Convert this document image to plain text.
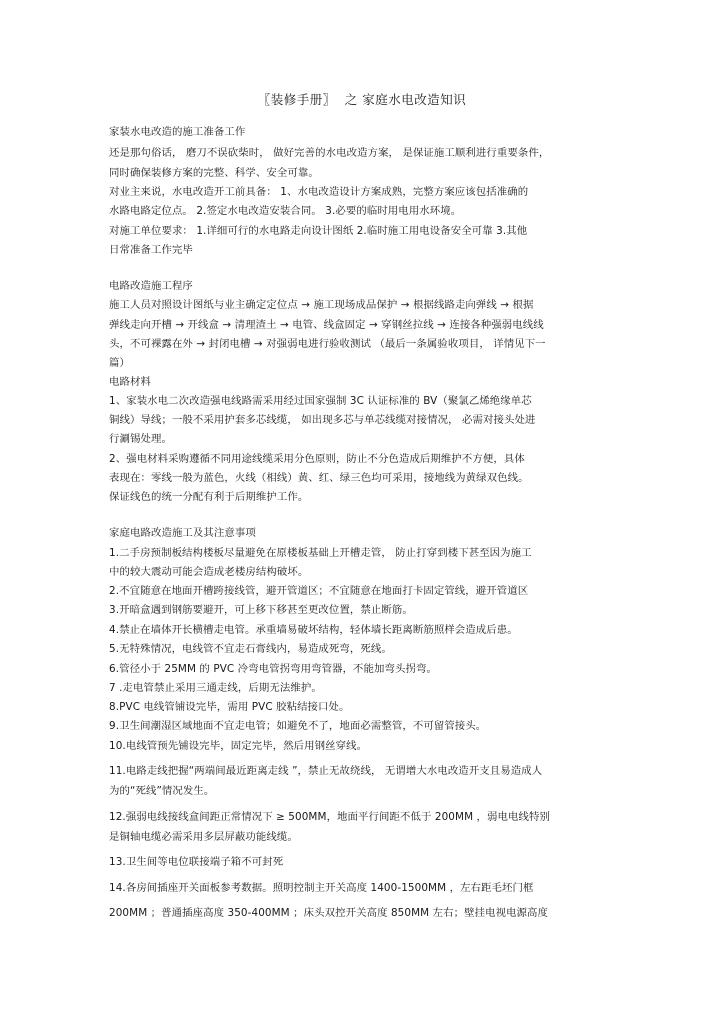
〖装修手册〗  之 家庭水电改造知识
家装水电改造的施工准备工作
还是那句俗话， 磨刀不误砍柴时， 做好完善的水电改造方案， 是保证施工顺利进行重要条件，
同时确保装修方案的完整、科学、安全可靠。
对业主来说，水电改造开工前具备： 1、水电改造设计方案成熟，完整方案应该包括准确的
水路电路定位点。 2.签定水电改造安装合同。 3.必要的临时用电用水环境。
对施工单位要求： 1.详细可行的水电路走向设计图纸 2.临时施工用电设备安全可靠 3.其他
日常准备工作完毕
电路改造施工程序
施工人员对照设计图纸与业主确定定位点 → 施工现场成品保护 → 根据线路走向弹线 → 根据
弹线走向开槽 → 开线盒 → 清理渣土 → 电管、线盒固定 → 穿钢丝拉线 → 连接各种强弱电线线
头，不可裸露在外 → 封闭电槽 → 对强弱电进行验收测试 （最后一条属验收项目， 详情见下一
篇）
电路材料
1、家装水电二次改造强电线路需采用经过国家强制 3C 认证标准的 BV（聚氯乙烯绝缘单芯
铜线）导线；一般不采用护套多芯线缆， 如出现多芯与单芯线缆对接情况， 必需对接头处进
行涮锡处理。
2、强电材料采购遵循不同用途线缆采用分色原则，防止不分色造成后期维护不方便，具体
表现在：零线一般为蓝色，火线（相线）黄、红、绿三色均可采用，接地线为黄绿双色线。
保证线色的统一分配有利于后期维护工作。
家庭电路改造施工及其注意事项
1.二手房预制板结构楼板尽量避免在原楼板基础上开槽走管， 防止打穿到楼下甚至因为施工
中的较大震动可能会造成老楼房结构破坏。
2.不宜随意在地面开槽跨接线管，避开管道区；不宜随意在地面打卡固定管线，避开管道区
3.开暗盒遇到钢筋要避开，可上移下移甚至更改位置，禁止断筋。
4.禁止在墙体开长横槽走电管。承重墙易破坏结构，轻体墙长距离断筋照样会造成后患。
5.无特殊情况，电线管不宜走石膏线内，易造成死弯，死线。
6.管径小于 25MM 的 PVC 冷弯电管拐弯用弯管器，不能加弯头拐弯。
7 .走电管禁止采用三通走线，后期无法维护。
8.PVC 电线管铺设完毕，需用 PVC 胶粘结接口处。
9.卫生间潮湿区域地面不宜走电管；如避免不了，地面必需整管，不可留管接头。
10.电线管预先铺设完毕，固定完毕，然后用钢丝穿线。
11.电路走线把握“两端间最近距离走线 ”，禁止无故绕线， 无谓增大水电改造开支且易造成人
为的“死线”情况发生。
12.强弱电线接线盒间距正常情况下 ≥ 500MM，地面平行间距不低于 200MM ，弱电电线特别
是铜轴电缆必需采用多层屏蔽功能线缆。
13.卫生间等电位联接端子箱不可封死
14.各房间插座开关面板参考数据。照明控制主开关高度 1400-1500MM ，左右距毛坯门框
200MM ；普通插座高度 350-400MM ；床头双控开关高度 850MM 左右；壁挂电视电源高度
